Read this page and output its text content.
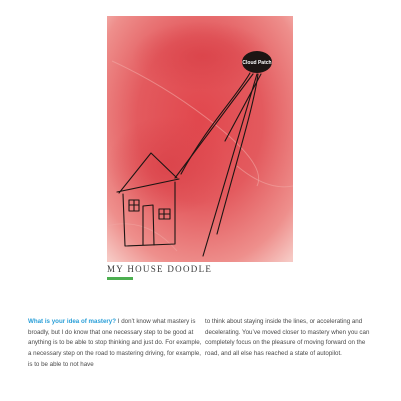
Cloud Patch
MY HOUSE DOODLE
What is your idea of mastery? I don’t know what mastery is broadly, but I do know that one necessary step to be good at anything is to be able to stop thinking and just do. For example, a necessary step on the road to mastering driving, for example, is to be able to not have
to think about staying inside the lines, or accelerating and decelerating. You’ve moved closer to mastery when you can completely focus on the pleasure of moving forward on the road, and all else has reached a state of autopilot.
